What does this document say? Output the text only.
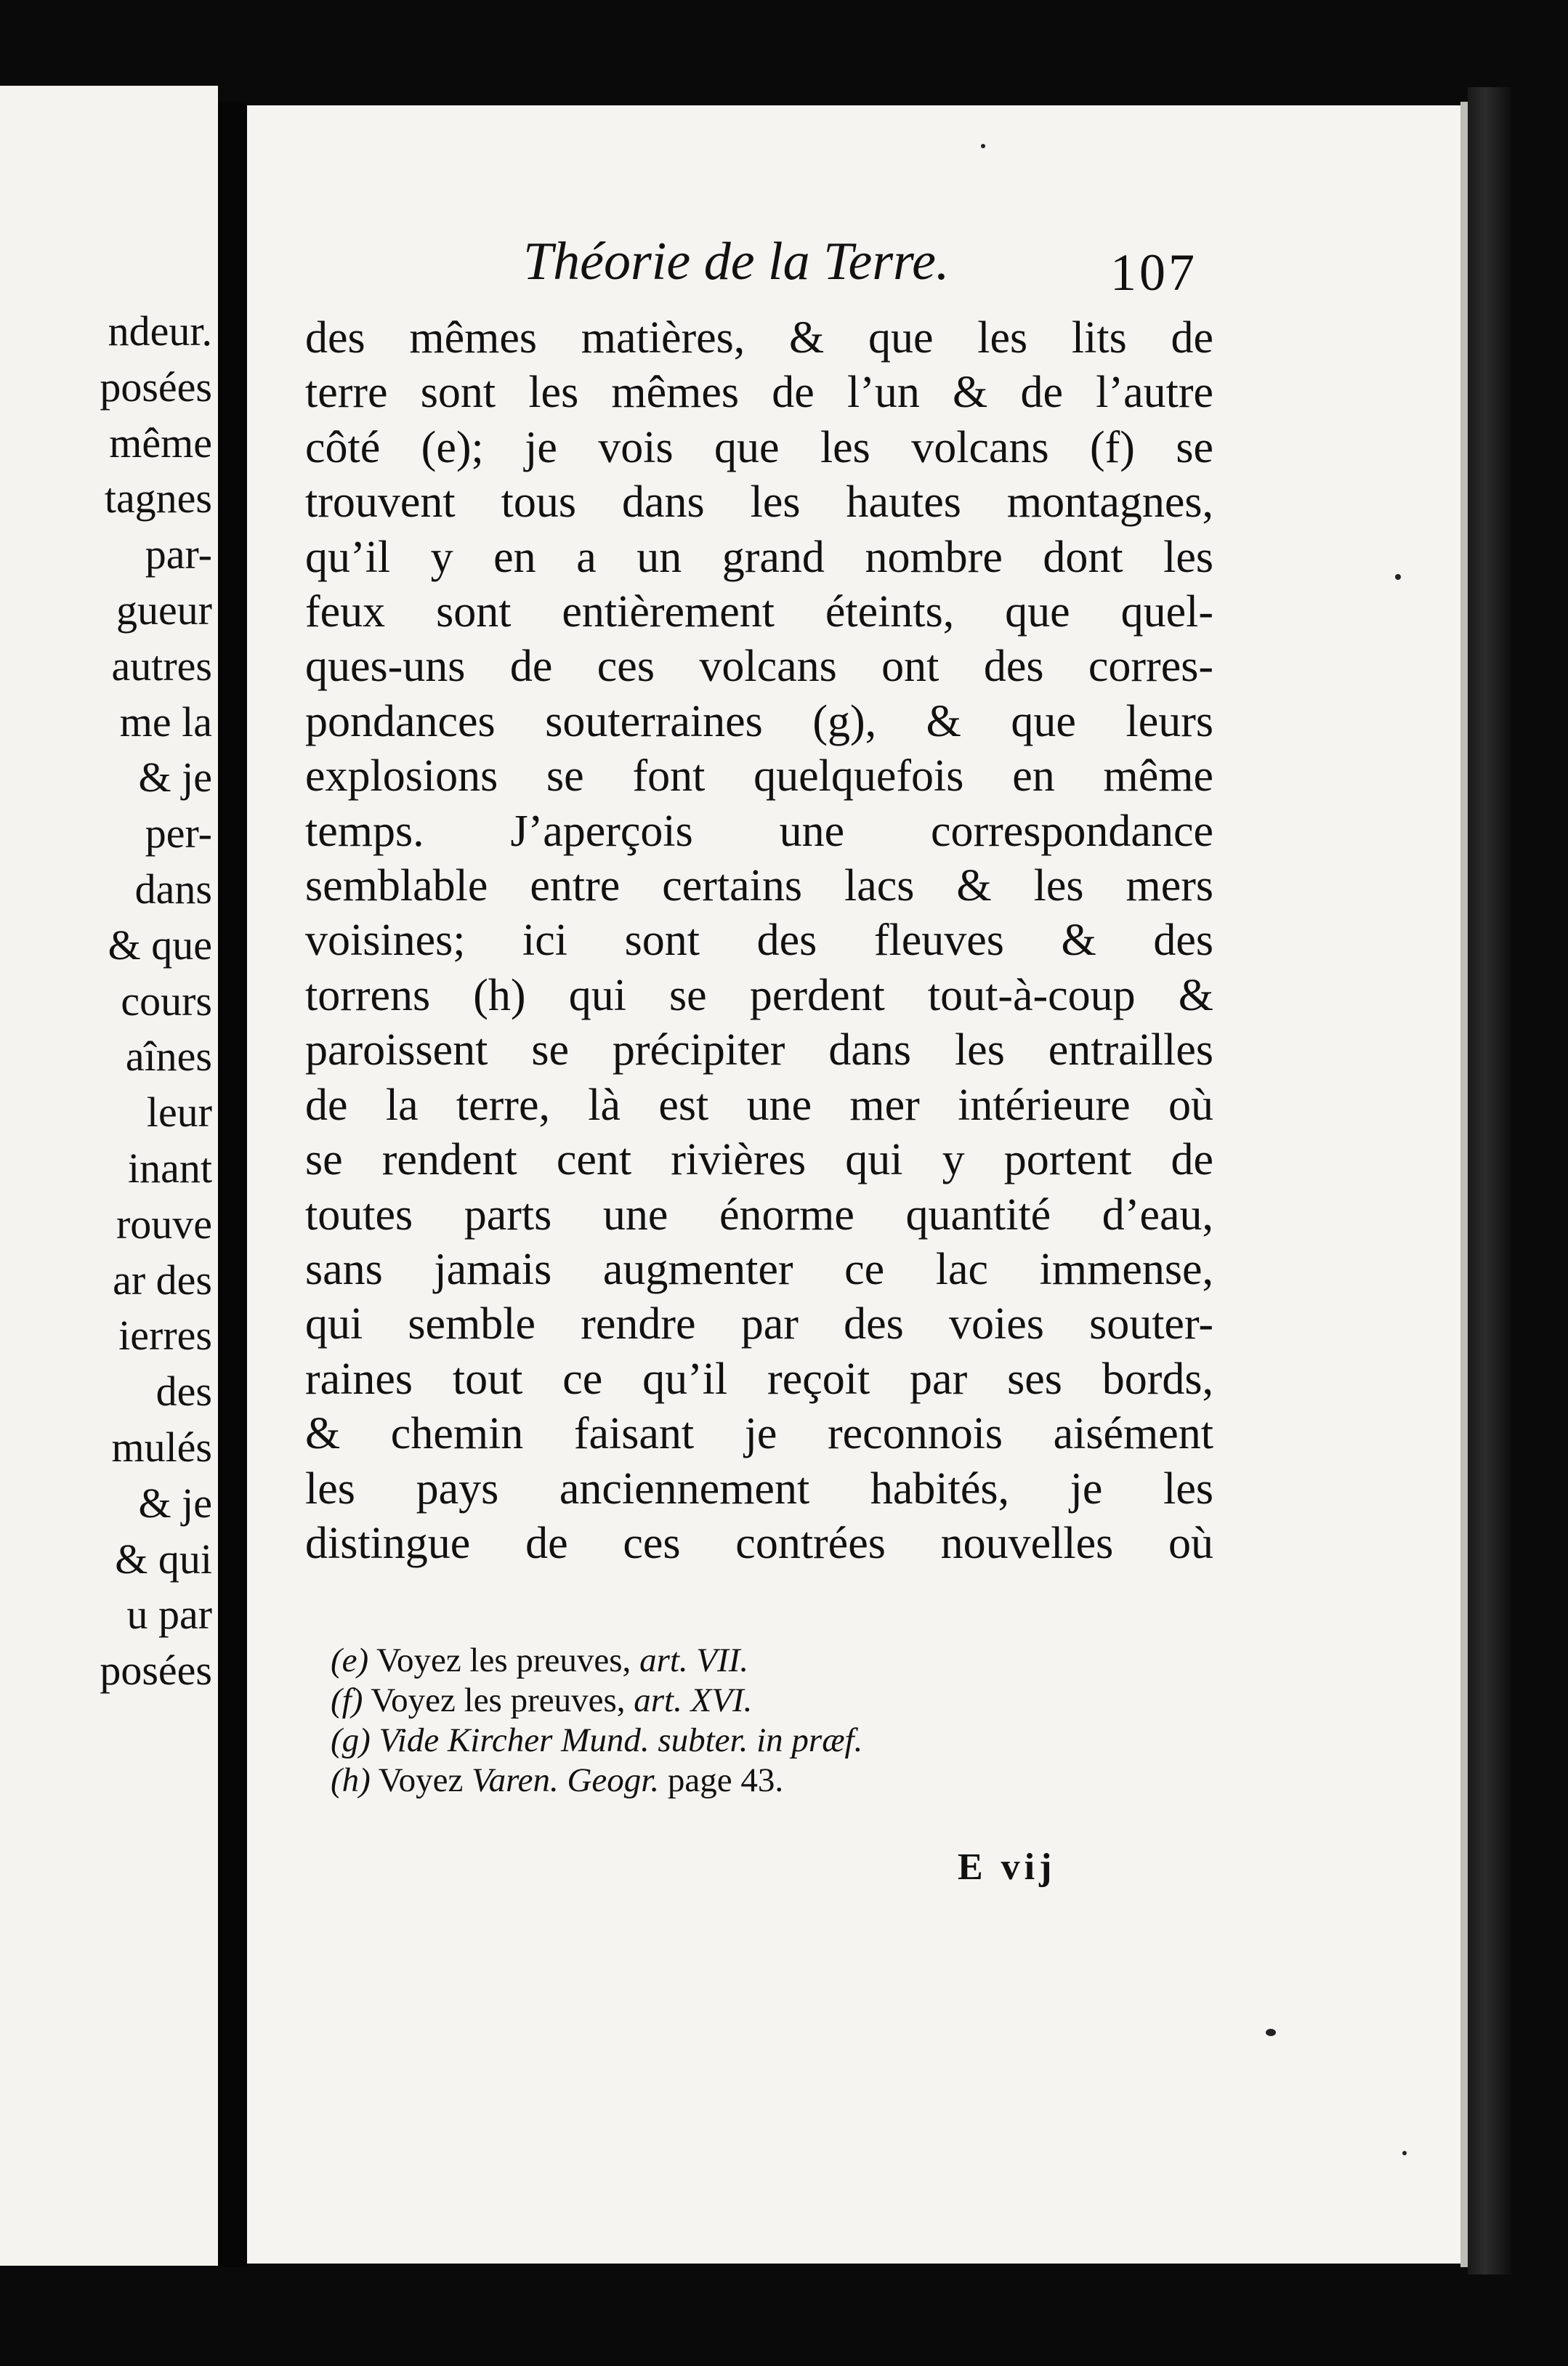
ndeur.
posées
même
tagnes
par-
gueur
autres
me la
& je
per-
dans
& que
cours
aînes
leur
inant
rouve
ar des
ierres
des
mulés
& je
& qui
u par
posées
Théorie de la Terre.	107
des mêmes matières, & que les lits de
terre sont les mêmes de l’un & de l’autre
côté (e); je vois que les volcans (f) se
trouvent tous dans les hautes montagnes,
qu’il y en a un grand nombre dont les
feux sont entièrement éteints, que quel-
ques-uns de ces volcans ont des corres-
pondances souterraines (g), & que leurs
explosions se font quelquefois en même
temps. J’aperçois une correspondance
semblable entre certains lacs & les mers
voisines; ici sont des fleuves & des
torrens (h) qui se perdent tout-à-coup &
paroissent se précipiter dans les entrailles
de la terre, là est une mer intérieure où
se rendent cent rivières qui y portent de
toutes parts une énorme quantité d’eau,
sans jamais augmenter ce lac immense,
qui semble rendre par des voies souter-
raines tout ce qu’il reçoit par ses bords,
& chemin faisant je reconnois aisément
les pays anciennement habités, je les
distingue de ces contrées nouvelles où
(e) Voyez les preuves, art. VII.
(f) Voyez les preuves, art. XVI.
(g) Vide Kircher Mund. subter. in præf.
(h) Voyez Varen. Geogr. page 43.
E vij
